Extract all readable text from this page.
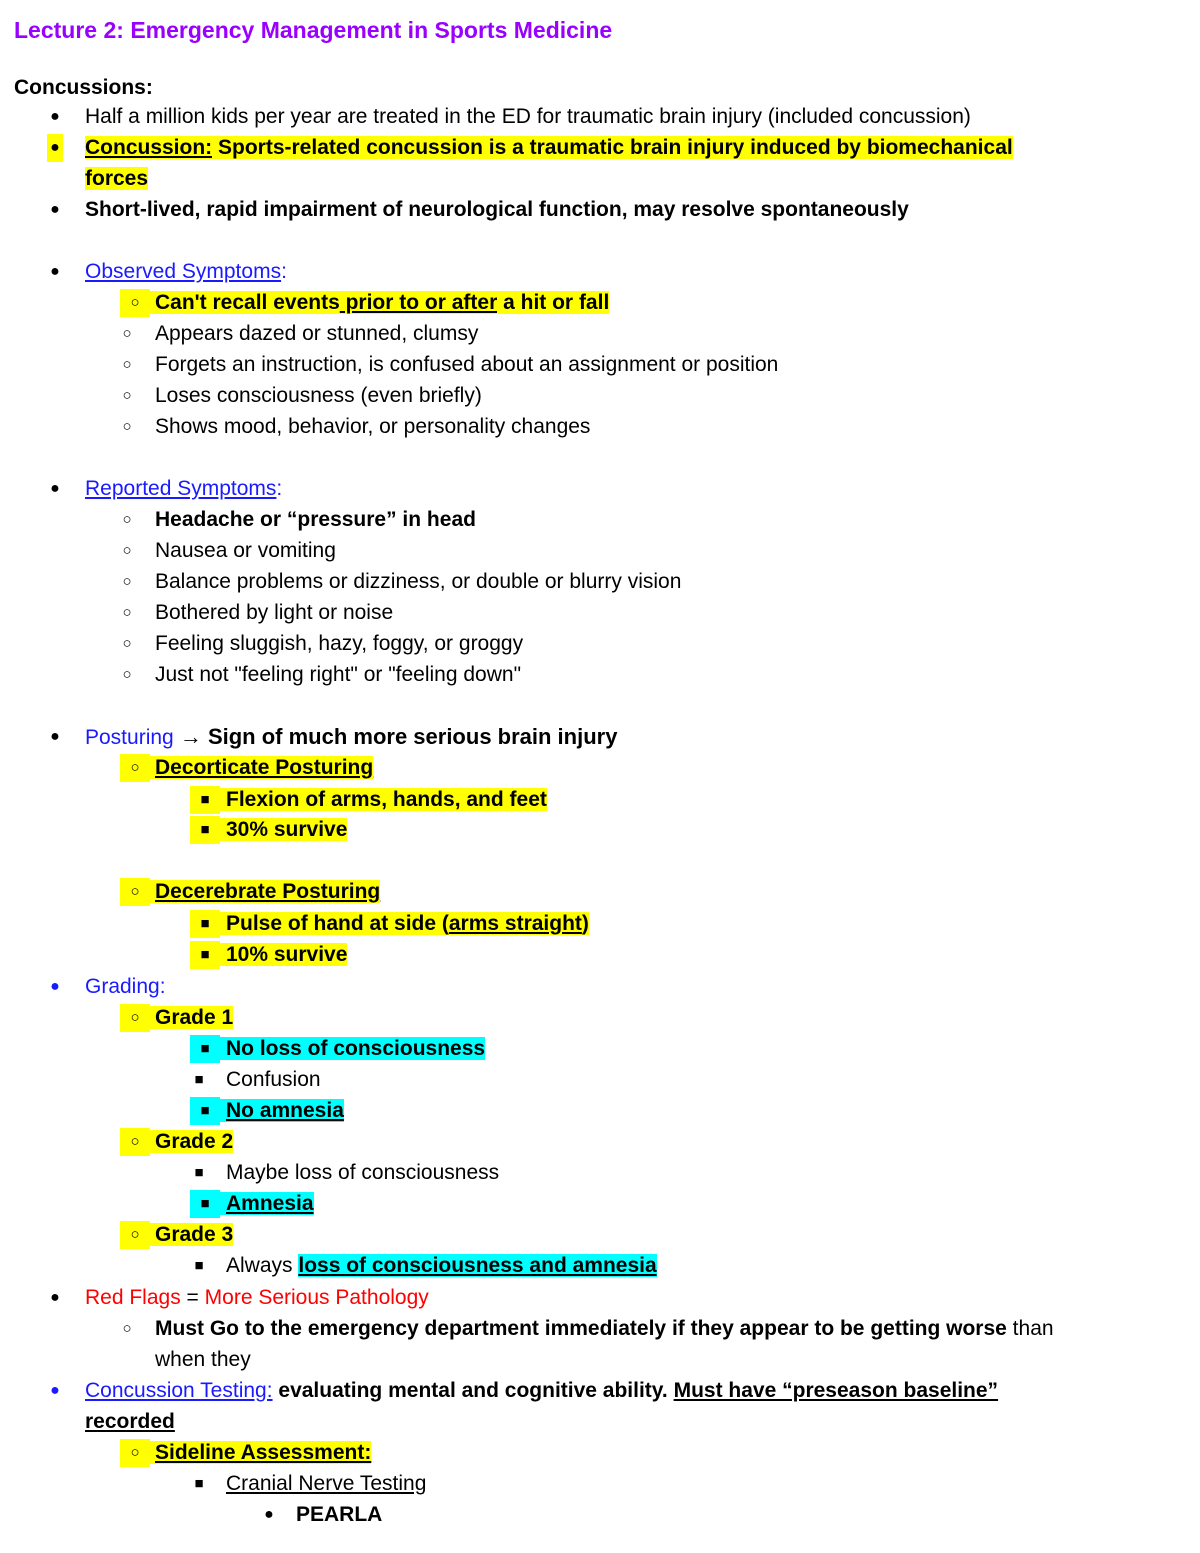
Lecture 2: Emergency Management in Sports Medicine
Concussions:
●	Half a million kids per year are treated in the ED for traumatic brain injury (included concussion)
● Concussion: Sports-related concussion is a traumatic brain injury induced by biomechanical
forces
●	Short-lived, rapid impairment of neurological function, may resolve spontaneously
●	Observed Symptoms:
○ Can't recall events prior to or after a hit or fall
○	Appears dazed or stunned, clumsy
○	Forgets an instruction, is confused about an assignment or position
○	Loses consciousness (even briefly)
○	Shows mood, behavior, or personality changes
●	Reported Symptoms:
○	Headache or “pressure” in head
○	Nausea or vomiting
○	Balance problems or dizziness, or double or blurry vision
○	Bothered by light or noise
○	Feeling sluggish, hazy, foggy, or groggy
○	Just not "feeling right" or "feeling down"
●	Posturing → Sign of much more serious brain injury
○ Decorticate Posturing
■ Flexion of arms, hands, and feet
■ 30% survive
○ Decerebrate Posturing
■ Pulse of hand at side (arms straight)
■ 10% survive
●	Grading:
○ Grade 1
■ No loss of consciousness
■	Confusion
■ No amnesia
○ Grade 2
■	Maybe loss of consciousness
■ Amnesia
○ Grade 3
■	Always loss of consciousness and amnesia
●	Red Flags = More Serious Pathology
○	Must Go to the emergency department immediately if they appear to be getting worse than
when they
●	Concussion Testing: evaluating mental and cognitive ability. Must have “preseason baseline”
recorded
○ Sideline Assessment:
■	Cranial Nerve Testing
●	PEARLA
